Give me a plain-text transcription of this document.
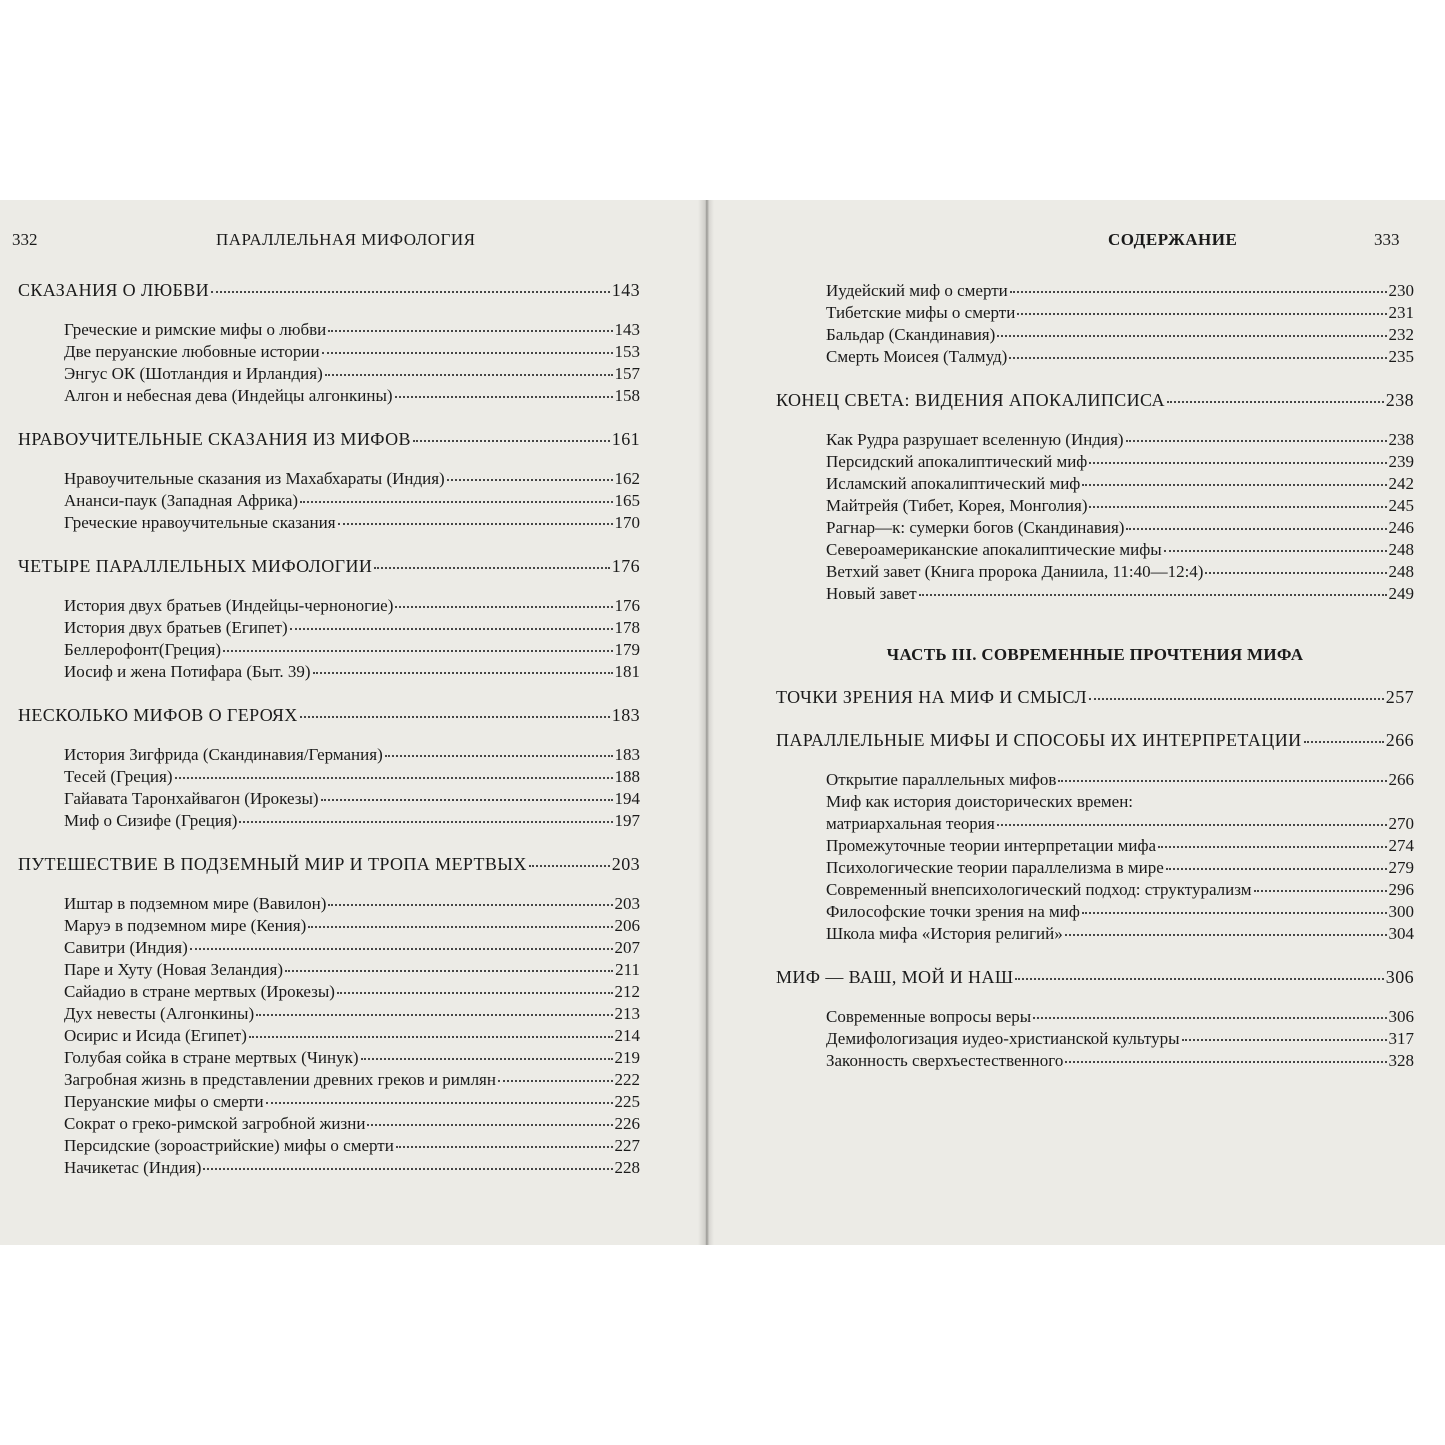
332	ПАРАЛЛЕЛЬНАЯ МИФОЛОГИЯ
СКАЗАНИЯ О ЛЮБВИ	143
Греческие и римские мифы о любви	143
Две перуанские любовные истории	153
Энгус ОК (Шотландия и Ирландия)	157
Алгон и небесная дева (Индейцы алгонкины)	158
НРАВОУЧИТЕЛЬНЫЕ СКАЗАНИЯ ИЗ МИФОВ	161
Нравоучительные сказания из Махабхараты (Индия)	162
Ананси-паук (Западная Африка)	165
Греческие нравоучительные сказания	170
ЧЕТЫРЕ ПАРАЛЛЕЛЬНЫХ МИФОЛОГИИ	176
История двух братьев (Индейцы-черноногие)	176
История двух братьев (Египет)	178
Беллерофонт(Греция)	179
Иосиф и жена Потифара (Быт. 39)	181
НЕСКОЛЬКО МИФОВ О ГЕРОЯХ	183
История Зигфрида (Скандинавия/Германия)	183
Тесей (Греция)	188
Гайавата Таронхайвагон (Ирокезы)	194
Миф о Сизифе (Греция)	197
ПУТЕШЕСТВИЕ В ПОДЗЕМНЫЙ МИР И ТРОПА МЕРТВЫХ	203
Иштар в подземном мире (Вавилон)	203
Маруэ в подземном мире (Кения)	206
Савитри (Индия)	207
Паре и Хуту (Новая Зеландия)	211
Сайадио в стране мертвых (Ирокезы)	212
Дух невесты (Алгонкины)	213
Осирис и Исида (Египет)	214
Голубая сойка в стране мертвых (Чинук)	219
Загробная жизнь в представлении древних греков и римлян	222
Перуанские мифы о смерти	225
Сократ о греко-римской загробной жизни	226
Персидские (зороастрийские) мифы о смерти	227
Начикетас (Индия)	228
СОДЕРЖАНИЕ	333
Иудейский миф о смерти	230
Тибетские мифы о смерти	231
Бальдар (Скандинавия)	232
Смерть Моисея (Талмуд)	235
КОНЕЦ СВЕТА: ВИДЕНИЯ АПОКАЛИПСИСА	238
Как Рудра разрушает вселенную (Индия)	238
Персидский апокалиптический миф	239
Исламский апокалиптический миф	242
Майтрейя (Тибет, Корея, Монголия)	245
Рагнар—к: сумерки богов (Скандинавия)	246
Североамериканские апокалиптические мифы	248
Ветхий завет (Книга пророка Даниила, 11:40—12:4)	248
Новый завет	249
ЧАСТЬ III. СОВРЕМЕННЫЕ ПРОЧТЕНИЯ МИФА
ТОЧКИ ЗРЕНИЯ НА МИФ И СМЫСЛ	257
ПАРАЛЛЕЛЬНЫЕ МИФЫ И СПОСОБЫ ИХ ИНТЕРПРЕТАЦИИ	266
Открытие параллельных мифов	266
Миф как история доисторических времен:
матриархальная теория	270
Промежуточные теории интерпретации мифа	274
Психологические теории параллелизма в мире	279
Современный внепсихологический подход: структурализм	296
Философские точки зрения на миф	300
Школа мифа «История религий»	304
МИФ — ВАШ, МОЙ И НАШ	306
Современные вопросы веры	306
Демифологизация иудео-христианской культуры	317
Законность сверхъестественного	328
